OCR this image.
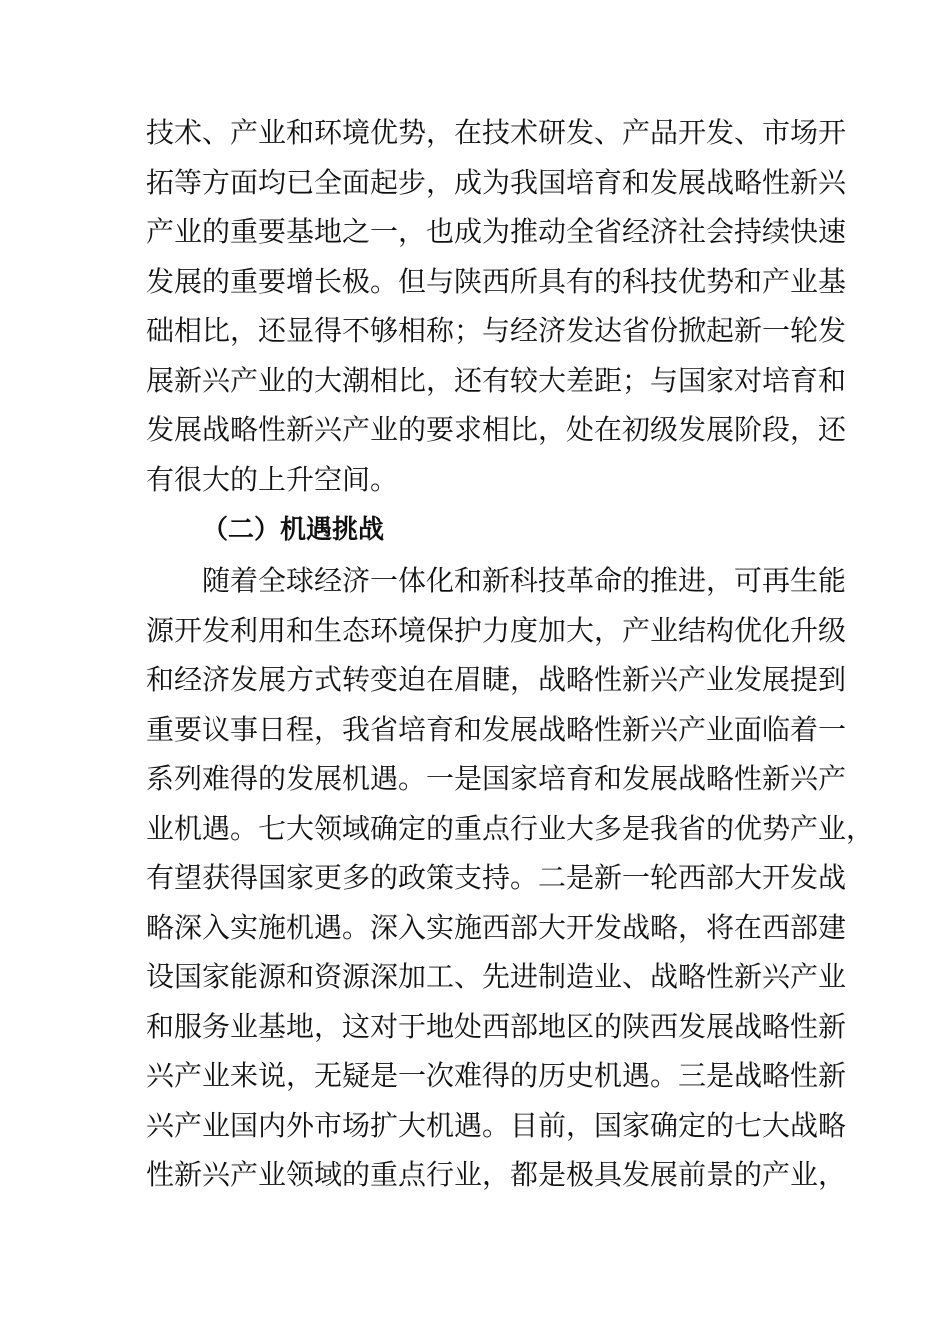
技术、产业和环境优势，在技术研发、产品开发、市场开
拓等方面均已全面起步，成为我国培育和发展战略性新兴
产业的重要基地之一，也成为推动全省经济社会持续快速
发展的重要增长极。但与陕西所具有的科技优势和产业基
础相比，还显得不够相称；与经济发达省份掀起新一轮发
展新兴产业的大潮相比，还有较大差距；与国家对培育和
发展战略性新兴产业的要求相比，处在初级发展阶段，还
有很大的上升空间。
（二）机遇挑战
随着全球经济一体化和新科技革命的推进，可再生能
源开发利用和生态环境保护力度加大，产业结构优化升级
和经济发展方式转变迫在眉睫，战略性新兴产业发展提到
重要议事日程，我省培育和发展战略性新兴产业面临着一
系列难得的发展机遇。一是国家培育和发展战略性新兴产
业机遇。七大领域确定的重点行业大多是我省的优势产业，
有望获得国家更多的政策支持。二是新一轮西部大开发战
略深入实施机遇。深入实施西部大开发战略，将在西部建
设国家能源和资源深加工、先进制造业、战略性新兴产业
和服务业基地，这对于地处西部地区的陕西发展战略性新
兴产业来说，无疑是一次难得的历史机遇。三是战略性新
兴产业国内外市场扩大机遇。目前，国家确定的七大战略
性新兴产业领域的重点行业，都是极具发展前景的产业，
